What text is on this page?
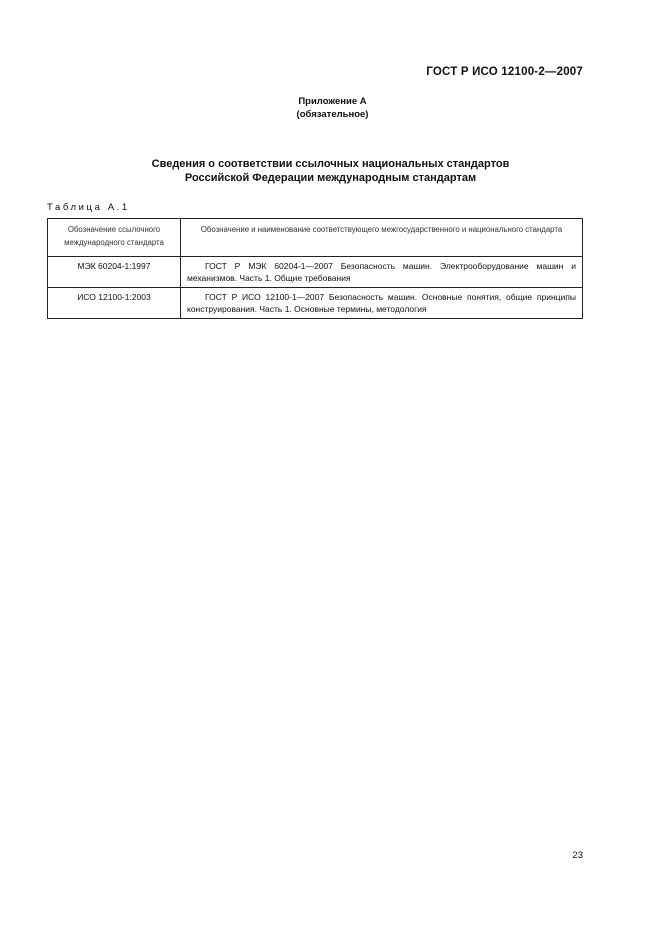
ГОСТ Р ИСО 12100-2—2007
Приложение А
(обязательное)
Сведения о соответствии ссылочных национальных стандартов
Российской Федерации международным стандартам
Таблица А.1
Обозначение ссылочного международного стандарта	Обозначение и наименование соответствующего межгосударственного и национального стандарта
МЭК 60204-1:1997	ГОСТ Р МЭК 60204-1—2007 Безопасность машин. Электрооборудование машин и механизмов. Часть 1. Общие требования
ИСО 12100-1:2003	ГОСТ Р ИСО 12100-1—2007 Безопасность машин. Основные понятия, общие принципы конструирования. Часть 1. Основные термины, методология
23
